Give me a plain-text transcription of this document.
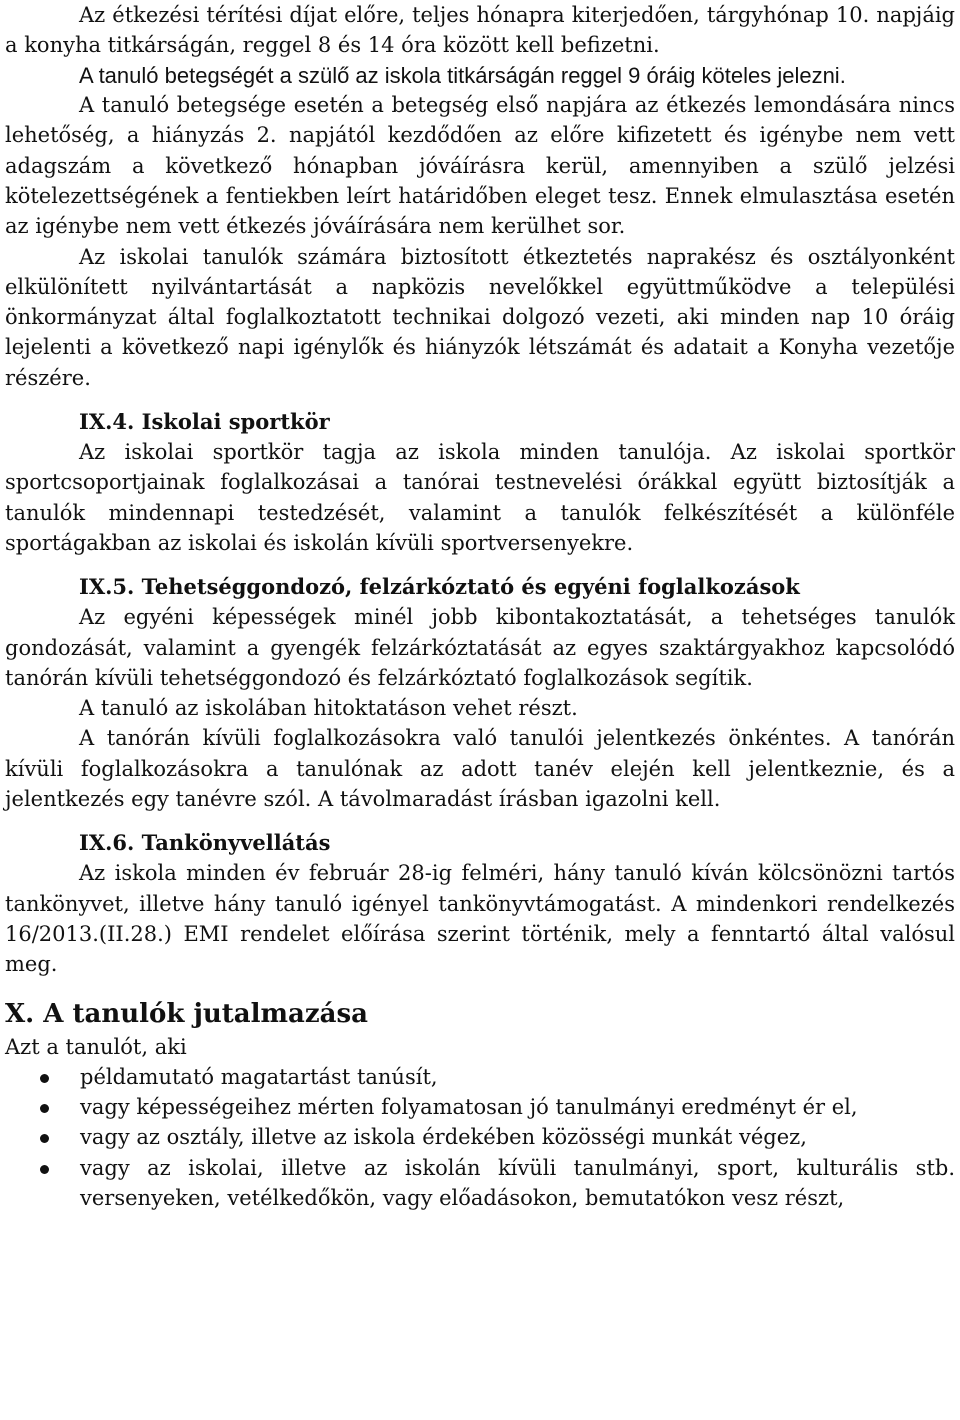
Az étkezési térítési díjat előre, teljes hónapra kiterjedően, tárgyhónap 10. napjáig a konyha titkárságán, reggel 8 és 14 óra között kell befizetni.

A tanuló betegségét a szülő az iskola titkárságán reggel 9 óráig köteles jelezni.

A tanuló betegsége esetén a betegség első napjára az étkezés lemondására nincs lehetőség, a hiányzás 2. napjától kezdődően az előre kifizetett és igénybe nem vett adagszám a következő hónapban jóváírásra kerül, amennyiben a szülő jelzési kötelezettségének a fentiekben leírt határidőben eleget tesz. Ennek elmulasztása esetén az igénybe nem vett étkezés jóváírására nem kerülhet sor.

Az iskolai tanulók számára biztosított étkeztetés naprakész és osztályonként elkülönített nyilvántartását a napközis nevelőkkel együttműködve a települési önkormányzat által foglalkoztatott technikai dolgozó vezeti, aki minden nap 10 óráig lejelenti a következő napi igénylők és hiányzók létszámát és adatait a Konyha vezetője részére.

IX.4. Iskolai sportkör

Az iskolai sportkör tagja az iskola minden tanulója. Az iskolai sportkör sportcsoportjainak foglalkozásai a tanórai testnevelési órákkal együtt biztosítják a tanulók mindennapi testedzését, valamint a tanulók felkészítését a különféle sportágakban az iskolai és iskolán kívüli sportversenyekre.

IX.5. Tehetséggondozó, felzárkóztató és egyéni foglalkozások

Az egyéni képességek minél jobb kibontakoztatását, a tehetséges tanulók gondozását, valamint a gyengék felzárkóztatását az egyes szaktárgyakhoz kapcsolódó tanórán kívüli tehetséggondozó és felzárkóztató foglalkozások segítik.

A tanuló az iskolában hitoktatáson vehet részt.

A tanórán kívüli foglalkozásokra való tanulói jelentkezés önkéntes. A tanórán kívüli foglalkozásokra a tanulónak az adott tanév elején kell jelentkeznie, és a jelentkezés egy tanévre szól. A távolmaradást írásban igazolni kell.

IX.6. Tankönyvellátás

Az iskola minden év február 28-ig felméri, hány tanuló kíván kölcsönözni tartós tankönyvet, illetve hány tanuló igényel tankönyvtámogatást. A mindenkori rendelkezés 16/2013.(II.28.) EMI rendelet előírása szerint történik, mely a fenntartó által valósul meg.

X. A tanulók jutalmazása

Azt a tanulót, aki

példamutató magatartást tanúsít,
vagy képességeihez mérten folyamatosan jó tanulmányi eredményt ér el,
vagy az osztály, illetve az iskola érdekében közösségi munkát végez,
vagy az iskolai, illetve az iskolán kívüli tanulmányi, sport, kulturális stb. versenyeken, vetélkedőkön, vagy előadásokon, bemutatókon vesz részt,
